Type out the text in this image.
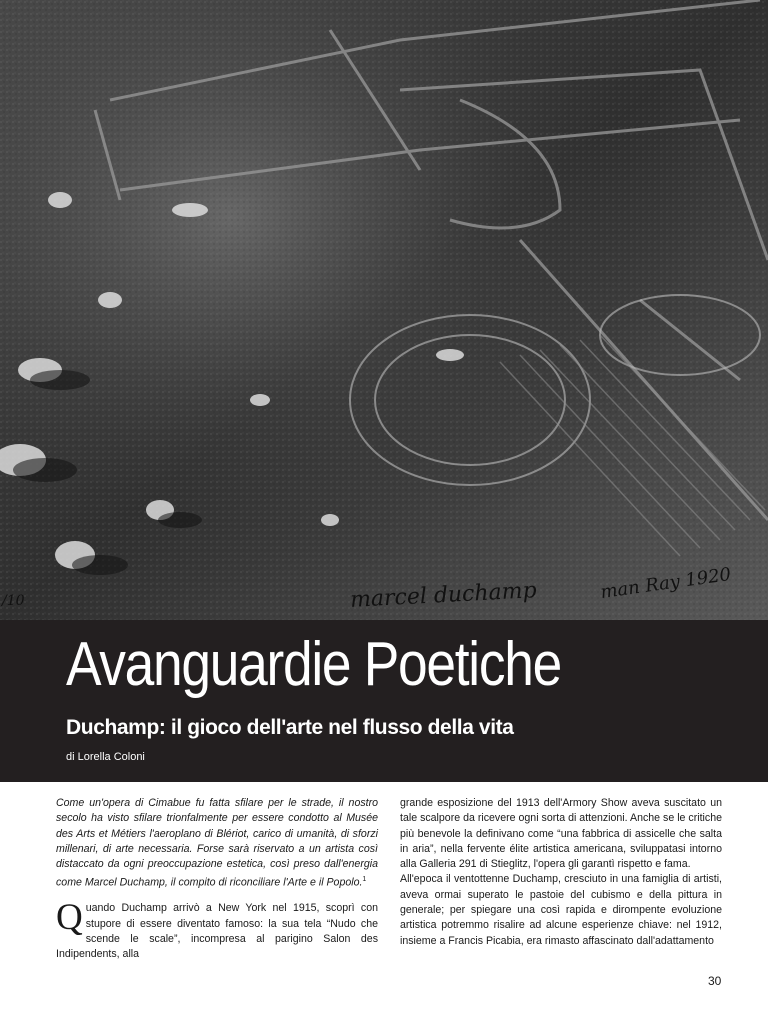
/10	marcel duchamp	man Ray 1920
Avanguardie Poetiche
Duchamp: il gioco dell'arte nel flusso della vita
di Lorella Coloni

Come un'opera di Cimabue fu fatta sfilare per le strade, il nostro secolo ha visto sfilare trionfalmente per essere condotto al Musée des Arts et Métiers l'aeroplano di Blériot, carico di umanità, di sforzi millenari, di arte necessaria. Forse sarà riservato a un artista così distaccato da ogni preoccupazione estetica, così preso dall'energia come Marcel Duchamp, il compito di riconciliare l'Arte e il Popolo.$^1$

Quando Duchamp arrivò a New York nel 1915, scoprì con stupore di essere diventato famoso: la sua tela “Nudo che scende le scale”, incompresa al parigino Salon des Indipendents, alla

grande esposizione del 1913 dell'Armory Show aveva suscitato un tale scalpore da ricevere ogni sorta di attenzioni. Anche se le critiche più benevole la definivano come “una fabbrica di assicelle che salta in aria”, nella fervente élite artistica americana, sviluppatasi intorno alla Galleria 291 di Stieglitz, l'opera gli garantì rispetto e fama.

All'epoca il ventottenne Duchamp, cresciuto in una famiglia di artisti, aveva ormai superato le pastoie del cubismo e della pittura in generale; per spiegare una così rapida e dirompente evoluzione artistica potremmo risalire ad alcune esperienze chiave: nel 1912, insieme a Francis Picabia, era rimasto affascinato dall'adattamento

30
